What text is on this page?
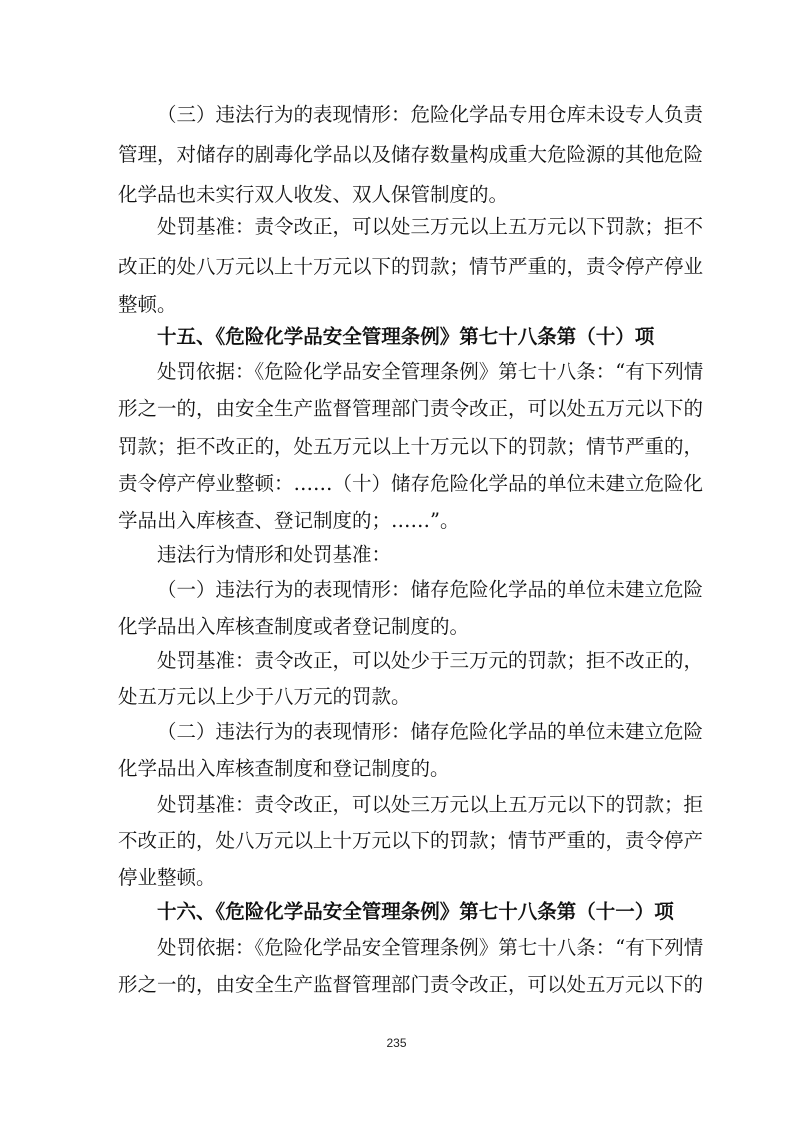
（三）违法行为的表现情形：危险化学品专用仓库未设专人负责
管理，对储存的剧毒化学品以及储存数量构成重大危险源的其他危险
化学品也未实行双人收发、双人保管制度的。
处罚基准：责令改正，可以处三万元以上五万元以下罚款；拒不
改正的处八万元以上十万元以下的罚款；情节严重的，责令停产停业
整顿。
十五、《危险化学品安全管理条例》第七十八条第（十）项
处罚依据：《危险化学品安全管理条例》第七十八条：“有下列情
形之一的，由安全生产监督管理部门责令改正，可以处五万元以下的
罚款；拒不改正的，处五万元以上十万元以下的罚款；情节严重的，
责令停产停业整顿：……（十）储存危险化学品的单位未建立危险化
学品出入库核查、登记制度的；……”。
违法行为情形和处罚基准：
（一）违法行为的表现情形：储存危险化学品的单位未建立危险
化学品出入库核查制度或者登记制度的。
处罚基准：责令改正，可以处少于三万元的罚款；拒不改正的，
处五万元以上少于八万元的罚款。
（二）违法行为的表现情形：储存危险化学品的单位未建立危险
化学品出入库核查制度和登记制度的。
处罚基准：责令改正，可以处三万元以上五万元以下的罚款；拒
不改正的，处八万元以上十万元以下的罚款；情节严重的，责令停产
停业整顿。
十六、《危险化学品安全管理条例》第七十八条第（十一）项
处罚依据：《危险化学品安全管理条例》第七十八条：“有下列情
形之一的，由安全生产监督管理部门责令改正，可以处五万元以下的
235
